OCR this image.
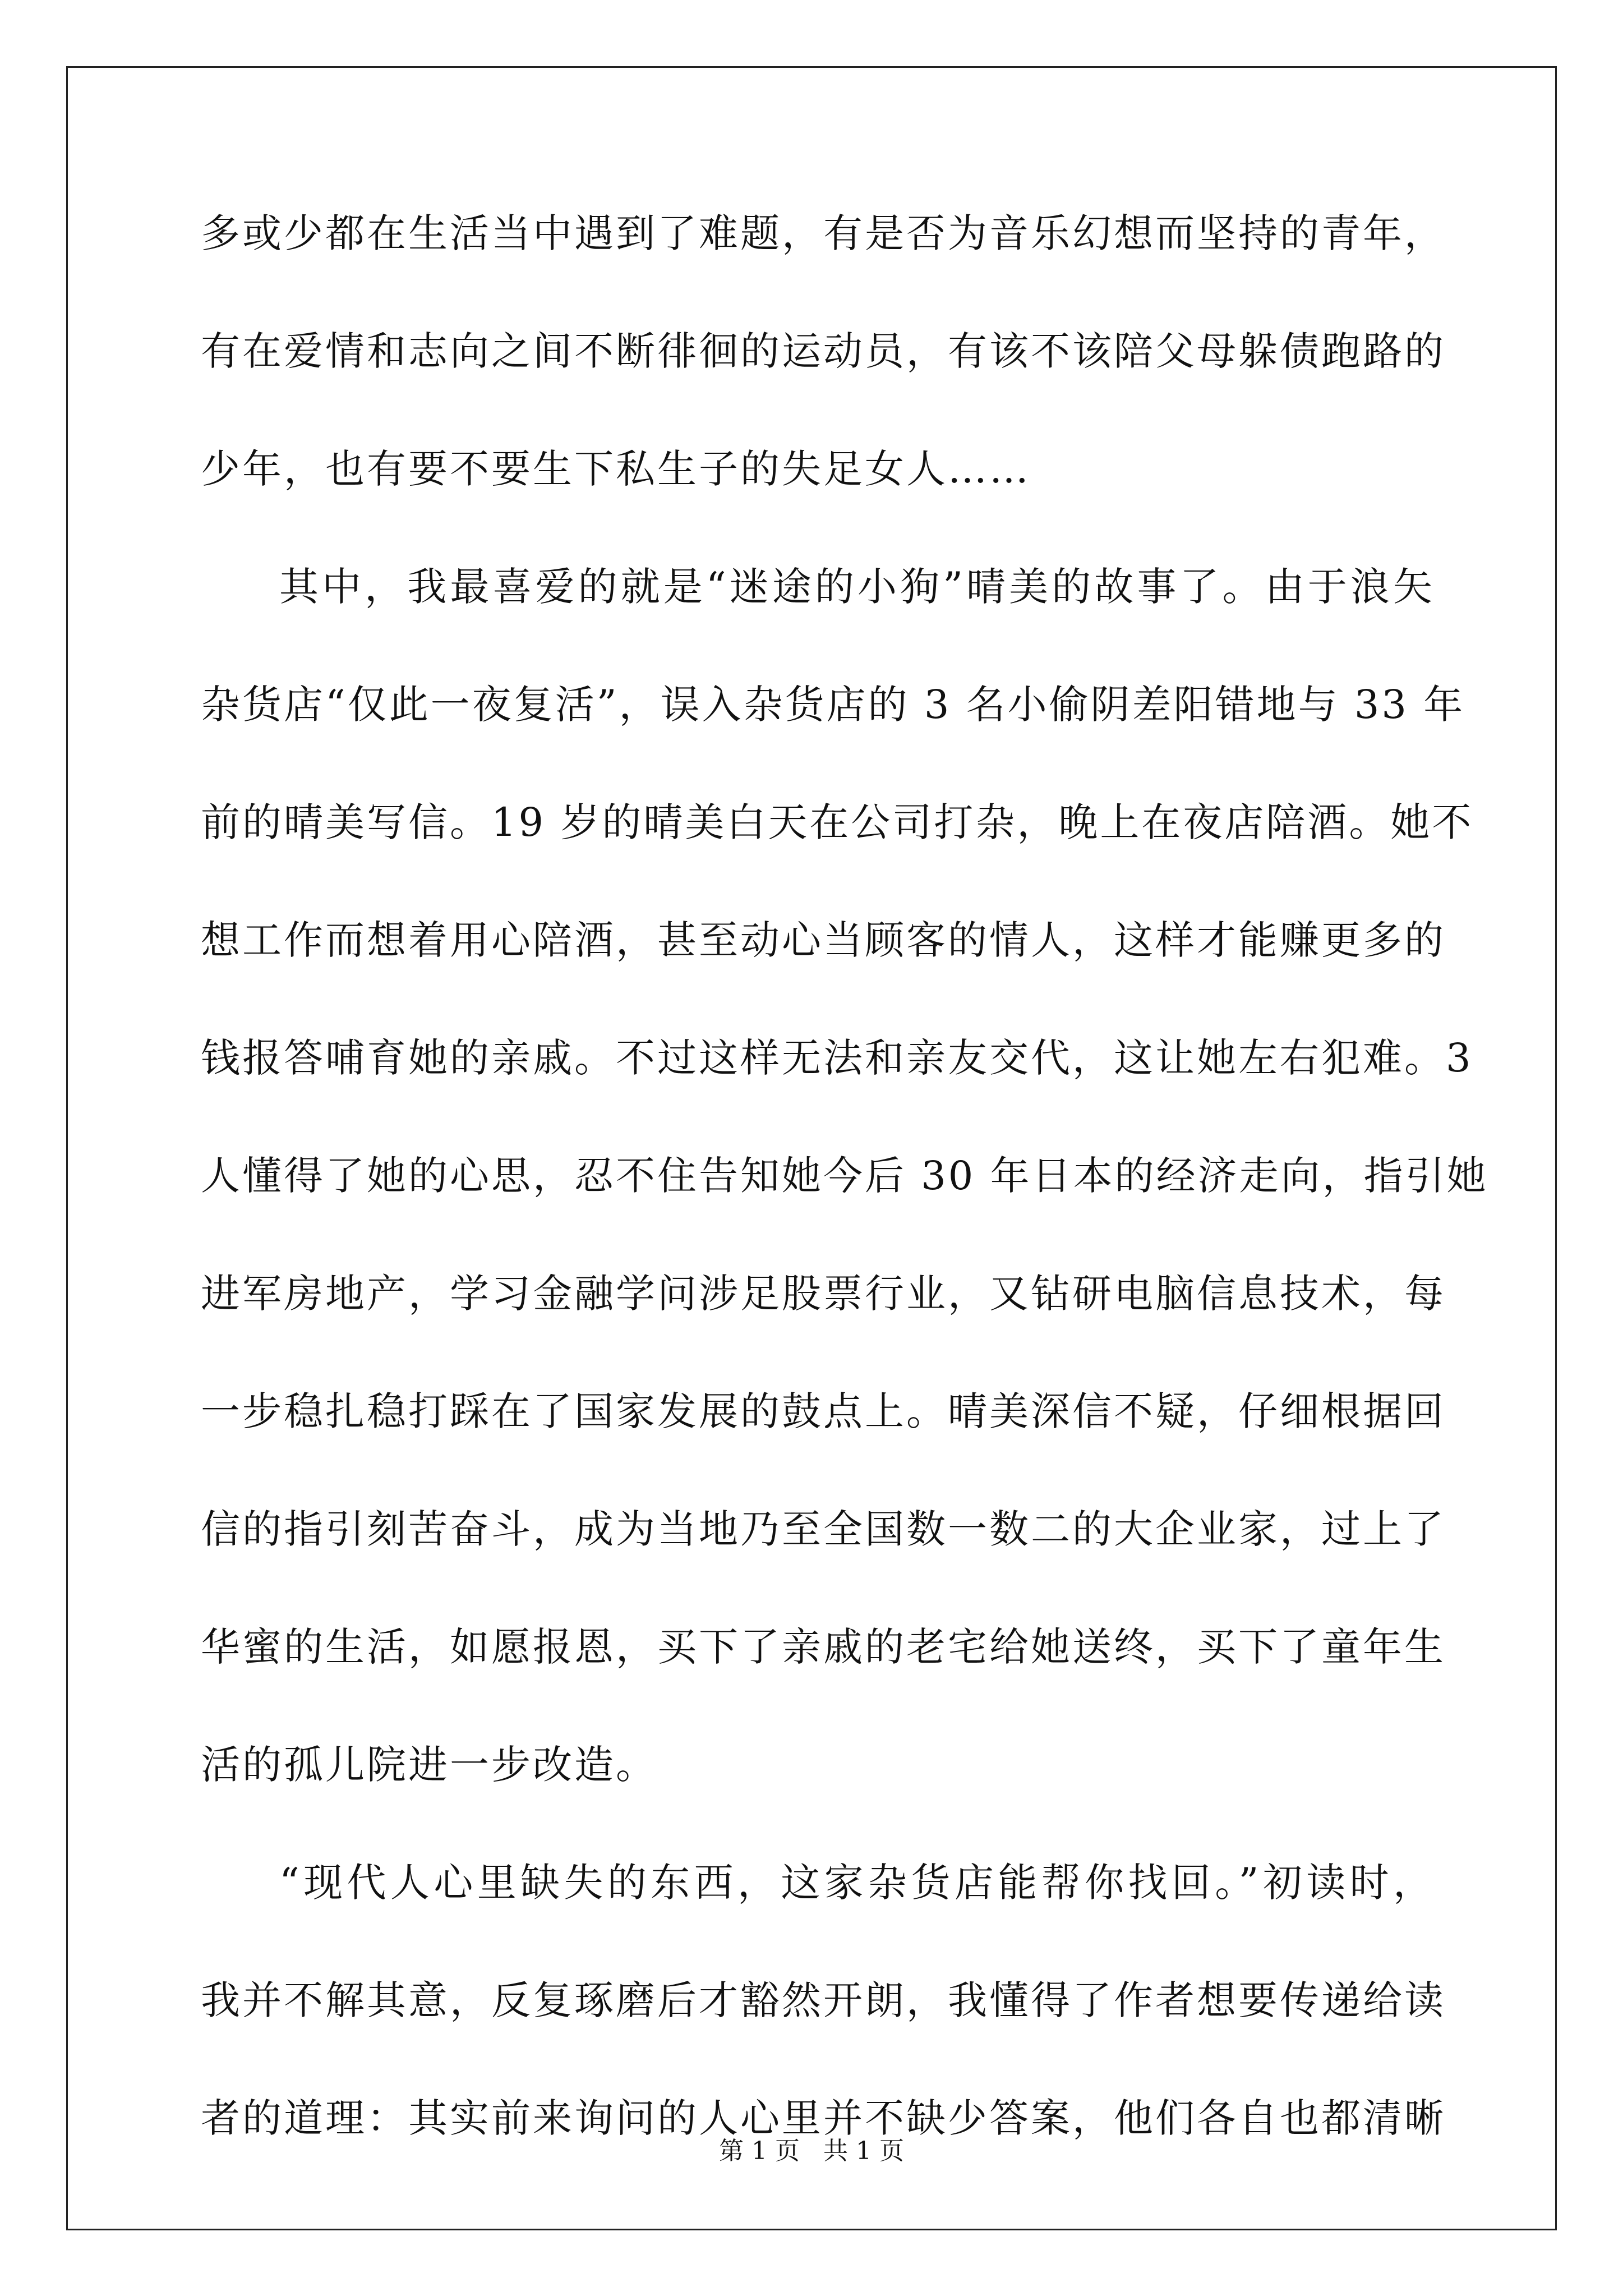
多或少都在生活当中遇到了难题，有是否为音乐幻想而坚持的青年，
有在爱情和志向之间不断徘徊的运动员，有该不该陪父母躲债跑路的
少年，也有要不要生下私生子的失足女人……
其中，我最喜爱的就是“迷途的小狗”晴美的故事了。由于浪矢
杂货店“仅此一夜复活”，误入杂货店的 3 名小偷阴差阳错地与 33 年
前的晴美写信。19 岁的晴美白天在公司打杂，晚上在夜店陪酒。她不
想工作而想着用心陪酒，甚至动心当顾客的情人，这样才能赚更多的
钱报答哺育她的亲戚。不过这样无法和亲友交代，这让她左右犯难。3
人懂得了她的心思，忍不住告知她今后 30 年日本的经济走向，指引她
进军房地产，学习金融学问涉足股票行业，又钻研电脑信息技术，每
一步稳扎稳打踩在了国家发展的鼓点上。晴美深信不疑，仔细根据回
信的指引刻苦奋斗，成为当地乃至全国数一数二的大企业家，过上了
华蜜的生活，如愿报恩，买下了亲戚的老宅给她送终，买下了童年生
活的孤儿院进一步改造。
“现代人心里缺失的东西，这家杂货店能帮你找回。”初读时，
我并不解其意，反复琢磨后才豁然开朗，我懂得了作者想要传递给读
者的道理：其实前来询问的人心里并不缺少答案，他们各自也都清晰
第 1 页   共 1 页
